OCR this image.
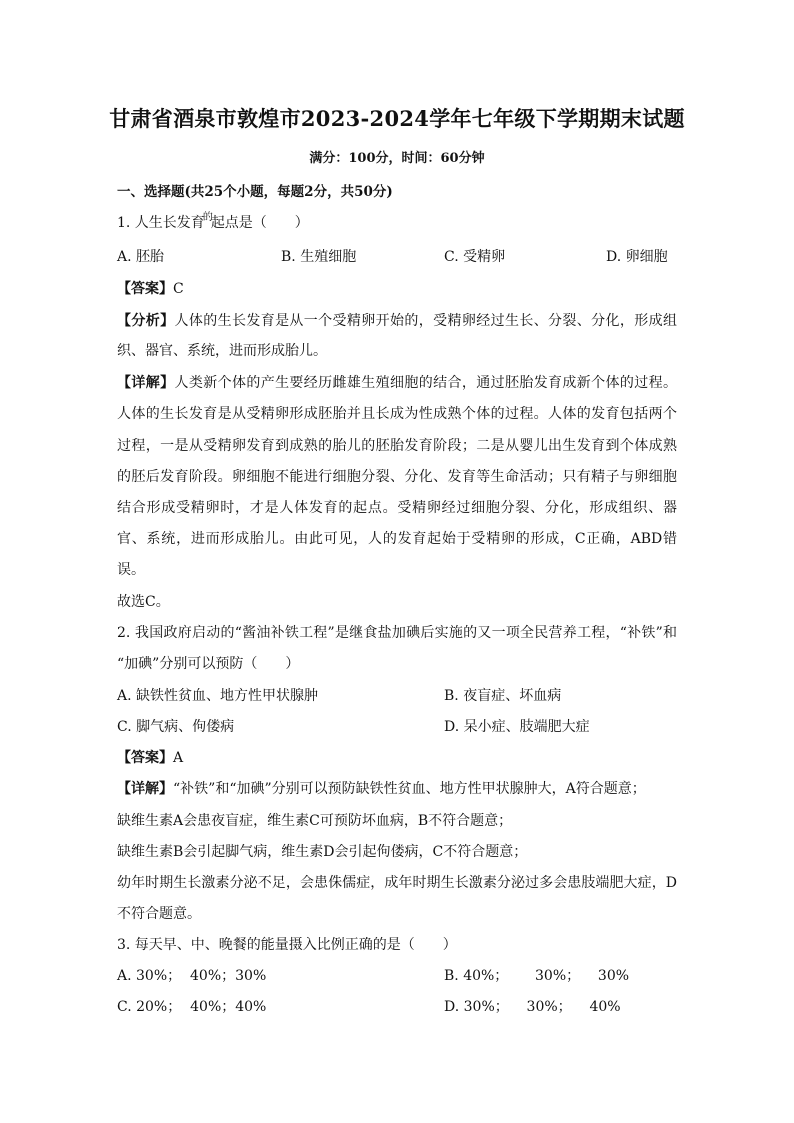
甘肃省酒泉市敦煌市2023-2024学年七年级下学期期末试题
满分：100分，时间：60分钟
一、选择题(共25个小题，每题2分，共50分)
1. 人生长发育$^的$起点是（　　）
A. 胚胎	B. 生殖细胞	C. 受精卵	D. 卵细胞
【答案】C
【分析】人体的生长发育是从一个受精卵开始的，受精卵经过生长、分裂、分化，形成组
织、器官、系统，进而形成胎儿。
【详解】人类新个体的产生要经历雌雄生殖细胞的结合，通过胚胎发育成新个体的过程。
人体的生长发育是从受精卵形成胚胎并且长成为性成熟个体的过程。人体的发育包括两个
过程，一是从受精卵发育到成熟的胎儿的胚胎发育阶段；二是从婴儿出生发育到个体成熟
的胚后发育阶段。卵细胞不能进行细胞分裂、分化、发育等生命活动；只有精子与卵细胞
结合形成受精卵时，才是人体发育的起点。受精卵经过细胞分裂、分化，形成组织、器
官、系统，进而形成胎儿。由此可见，人的发育起始于受精卵的形成，C正确，ABD错
误。
故选C。
2. 我国政府启动的“酱油补铁工程”是继食盐加碘后实施的又一项全民营养工程，“补铁”和
“加碘”分别可以预防（　　）
A. 缺铁性贫血、地方性甲状腺肿	B. 夜盲症、坏血病
C. 脚气病、佝偻病	D. 呆小症、肢端肥大症
【答案】A
【详解】“补铁”和“加碘”分别可以预防缺铁性贫血、地方性甲状腺肿大，A符合题意；
缺维生素A会患夜盲症，维生素C可预防坏血病，B不符合题意；
缺维生素B会引起脚气病，维生素D会引起佝偻病，C不符合题意；
幼年时期生长激素分泌不足，会患侏儒症，成年时期生长激素分泌过多会患肢端肥大症，D
不符合题意。
3. 每天早、中、晚餐的能量摄入比例正确的是（　　）
A. 30%；  40%；30%	B. 40%；      30%；    30%
C. 20%；  40%；40%	D. 30%；    30%；    40%
